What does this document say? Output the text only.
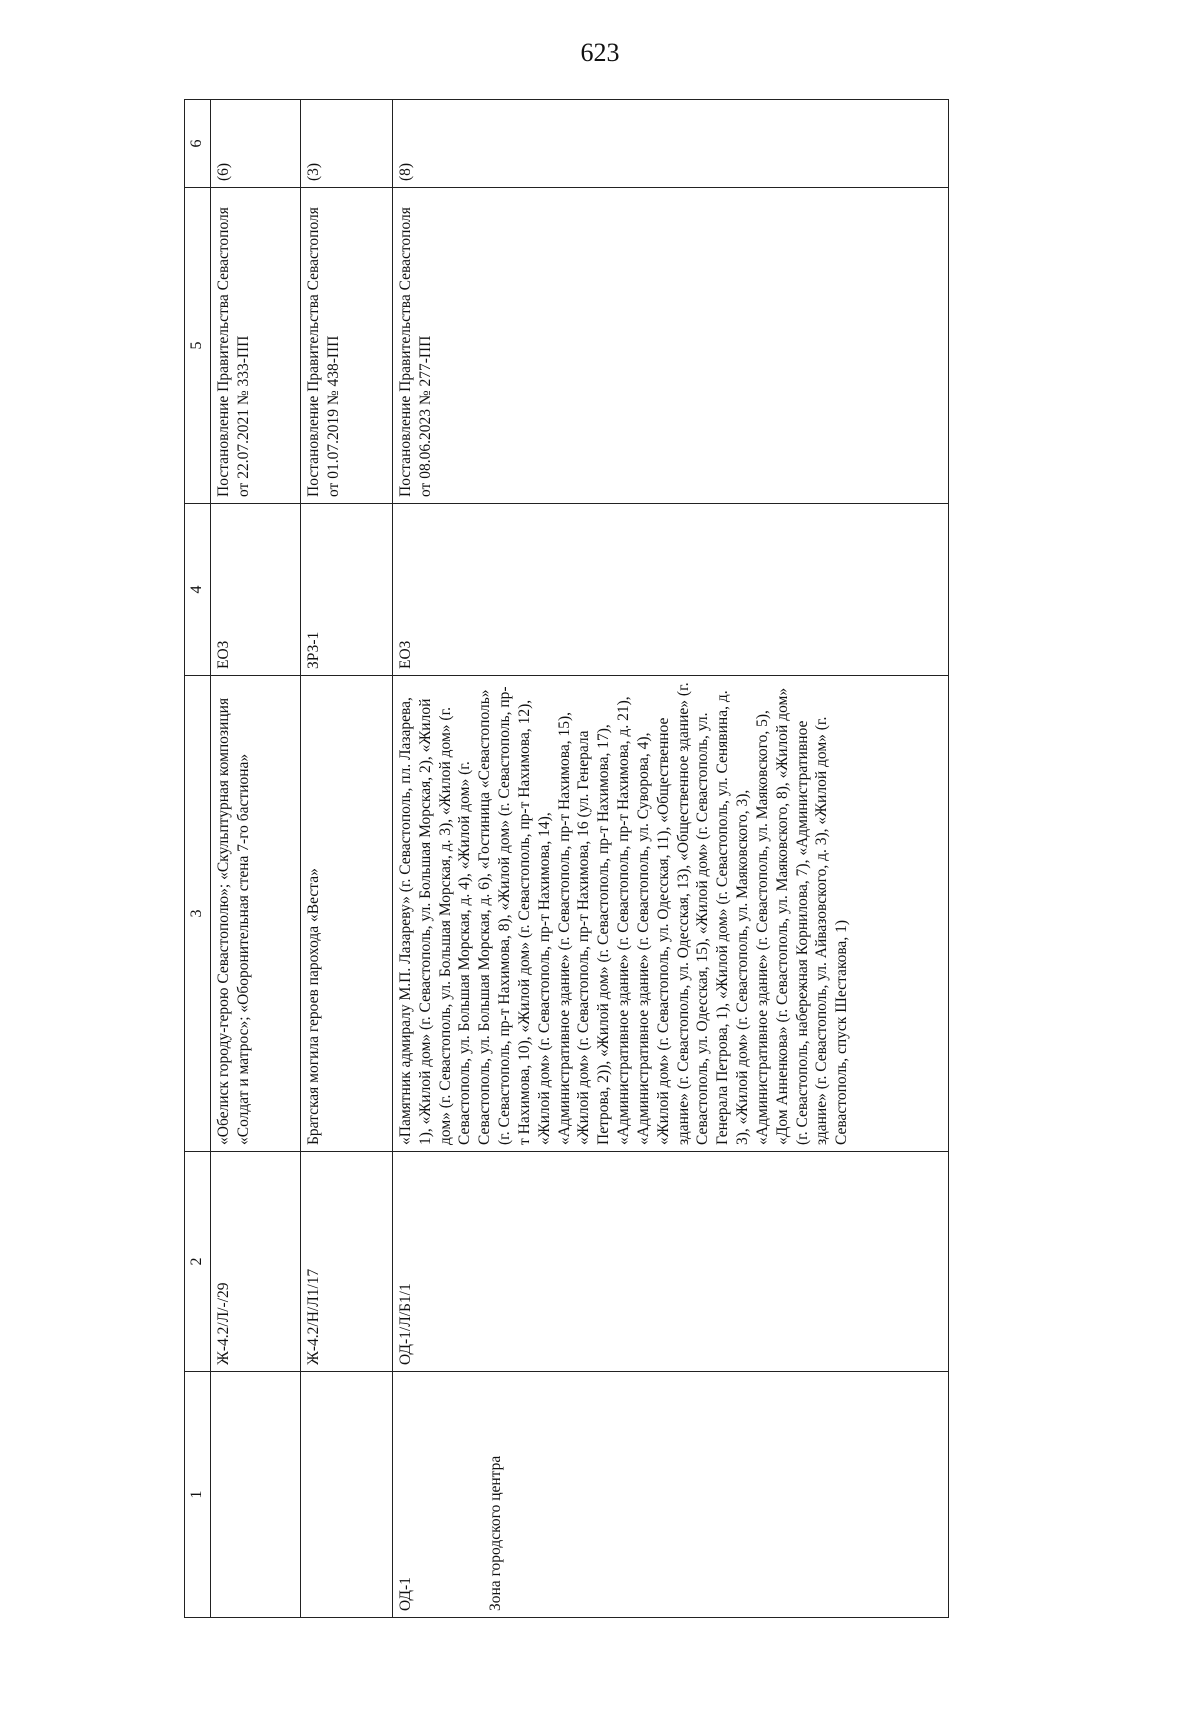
623
1	2	3	4	5	6

	Ж-4.2/Л/-/29	«Обелиск городу-герою Севастополю»; «Скульптурная композиция «Солдат и матрос»; «Оборонительная стена 7-го бастиона»	ЕОЗ	Постановление Правительства Севастополя от 22.07.2021 № 333-ПП	(6)

	Ж-4.2/Н/Л1/17	Братская могила героев парохода «Веста»	ЗРЗ-1	Постановление Правительства Севастополя от 01.07.2019 № 438-ПП	(3)

ОД-1 Зона городского центра	ОД-1/Л/Б1/1	«Памятник адмиралу М.П. Лазареву» (г. Севастополь, пл. Лазарева, 1), «Жилой дом» (г. Севастополь, ул. Большая Морская, 2), «Жилой дом» (г. Севастополь, ул. Большая Морская, д. 3), «Жилой дом» (г. Севастополь, ул. Большая Морская, д. 4), «Жилой дом» (г. Севастополь, ул. Большая Морская, д. 6), «Гостиница «Севастополь» (г. Севастополь, пр-т Нахимова, 8), «Жилой дом» (г. Севастополь, пр-т Нахимова, 10), «Жилой дом» (г. Севастополь, пр-т Нахимова, 12), «Жилой дом» (г. Севастополь, пр-т Нахимова, 14), «Административное здание» (г. Севастополь, пр-т Нахимова, 15), «Жилой дом» (г. Севастополь, пр-т Нахимова, 16 (ул. Генерала Петрова, 2)), «Жилой дом» (г. Севастополь, пр-т Нахимова, 17), «Административное здание» (г. Севастополь, пр-т Нахимова, д. 21), «Административное здание» (г. Севастополь, ул. Суворова, 4), «Жилой дом» (г. Севастополь, ул. Одесская, 11), «Общественное здание» (г. Севастополь, ул. Одесская, 13), «Общественное здание» (г. Севастополь, ул. Одесская, 15), «Жилой дом» (г. Севастополь, ул. Генерала Петрова, 1), «Жилой дом» (г. Севастополь, ул. Сенявина, д. 3), «Жилой дом» (г. Севастополь, ул. Маяковского, 3), «Административное здание» (г. Севастополь, ул. Маяковского, 5), «Дом Анненкова» (г. Севастополь, ул. Маяковского, 8), «Жилой дом» (г. Севастополь, набережная Корнилова, 7), «Административное здание» (г. Севастополь, ул. Айвазовского, д. 3), «Жилой дом» (г. Севастополь, спуск Шестакова, 1)	ЕОЗ	Постановление Правительства Севастополя от 08.06.2023 № 277-ПП	(8)
